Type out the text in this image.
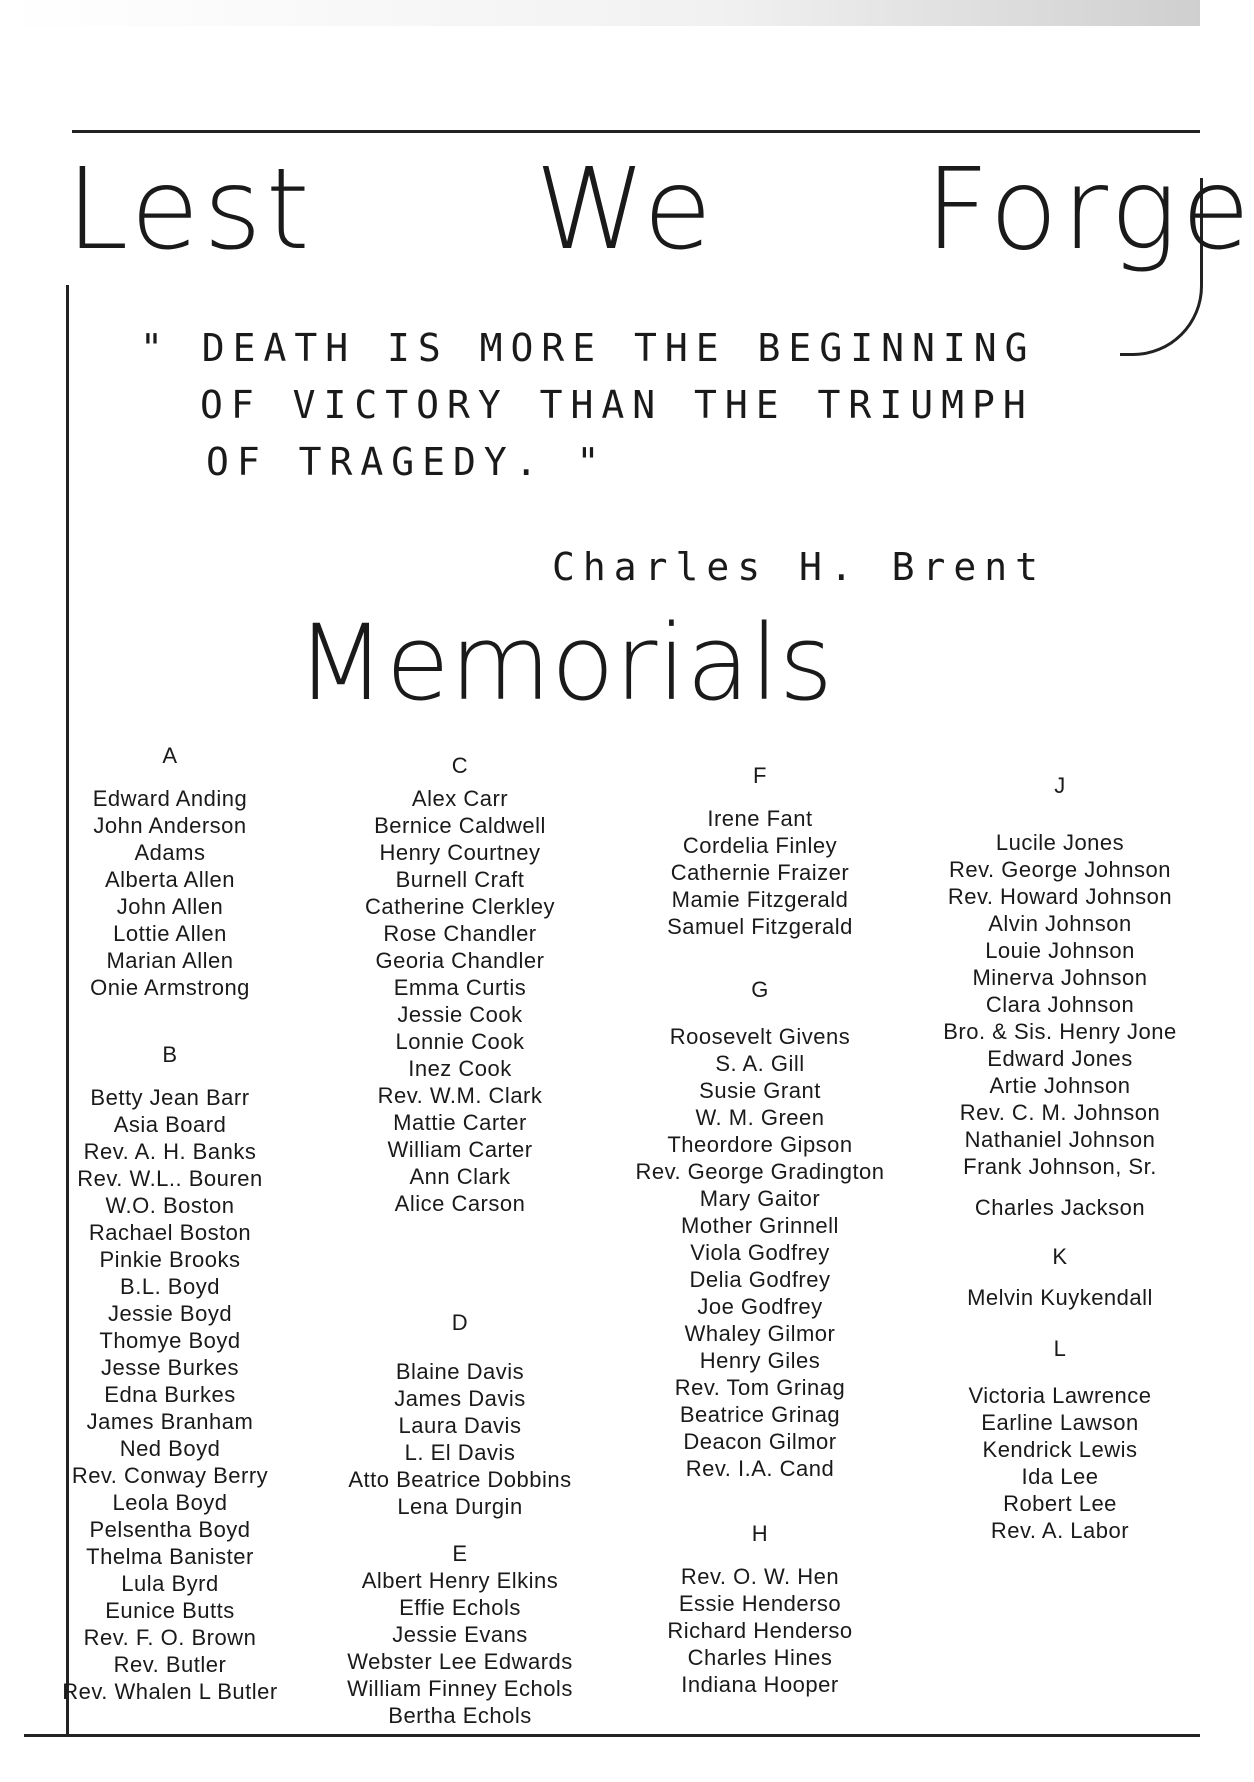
Lest We Forge

" DEATH IS MORE THE BEGINNING

OF VICTORY THAN THE TRIUMPH

OF TRAGEDY. "

Charles H. Brent
Memorials
A
Edward Anding
John Anderson
Adams
Alberta Allen
John Allen
Lottie Allen
Marian Allen
Onie Armstrong
B
Betty Jean Barr
Asia Board
Rev. A. H. Banks
Rev. W.L.. Bouren
W.O. Boston
Rachael Boston
Pinkie Brooks
B.L. Boyd
Jessie Boyd
Thomye Boyd
Jesse Burkes
Edna Burkes
James Branham
Ned Boyd
Rev. Conway Berry
Leola Boyd
Pelsentha Boyd
Thelma Banister
Lula Byrd
Eunice Butts
Rev. F. O. Brown
Rev. Butler
Rev. Whalen L Butler
C
Alex Carr
Bernice Caldwell
Henry Courtney
Burnell Craft
Catherine Clerkley
Rose Chandler
Georia Chandler
Emma Curtis
Jessie Cook
Lonnie Cook
Inez Cook
Rev. W.M. Clark
Mattie Carter
William Carter
Ann Clark
Alice Carson
D
Blaine Davis
James Davis
Laura Davis
L. El Davis
Atto Beatrice Dobbins
Lena Durgin
E
Albert Henry Elkins
Effie Echols
Jessie Evans
Webster Lee Edwards
William Finney Echols
Bertha Echols
F
Irene Fant
Cordelia Finley
Cathernie Fraizer
Mamie Fitzgerald
Samuel Fitzgerald
G
Roosevelt Givens
S. A. Gill
Susie Grant
W. M. Green
Theordore Gipson
Rev. George Gradington
Mary Gaitor
Mother Grinnell
Viola Godfrey
Delia Godfrey
Joe Godfrey
Whaley Gilmor
Henry Giles
Rev. Tom Grinag
Beatrice Grinag
Deacon Gilmor
Rev. I.A. Cand
H
Rev. O. W. Hen
Essie Henderso
Richard Henderso
Charles Hines
Indiana Hooper
J
Lucile Jones
Rev. George Johnson
Rev. Howard Johnson
Alvin Johnson
Louie Johnson
Minerva Johnson
Clara Johnson
Bro. & Sis. Henry Jone
Edward Jones
Artie Johnson
Rev. C. M. Johnson
Nathaniel Johnson
Frank Johnson, Sr.
Charles Jackson
K
Melvin Kuykendall
L
Victoria Lawrence
Earline Lawson
Kendrick Lewis
Ida Lee
Robert Lee
Rev. A. Labor
